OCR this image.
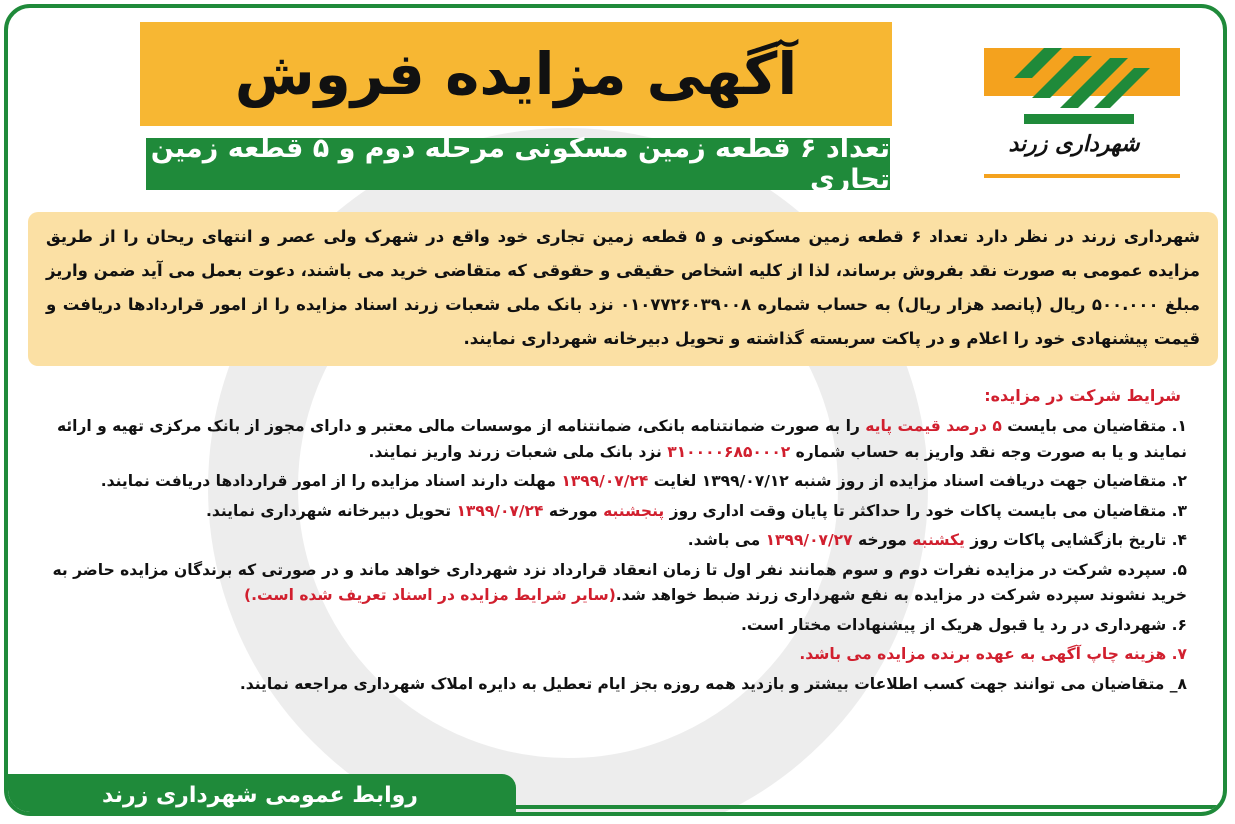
آگهی مزایده فروش
تعداد ۶ قطعه زمین مسکونی مرحله دوم و ۵ قطعه زمین تجاری
شهرداری زرند
شهرداری زرند در نظر دارد تعداد ۶ قطعه زمین مسکونی و ۵ قطعه زمین تجاری خود واقع در شهرک ولی عصر و انتهای ریحان را از طریق مزایده عمومی به صورت نقد بفروش برساند، لذا از کلیه اشخاص حقیقی و حقوقی که متقاضی خرید می باشند، دعوت بعمل می آید ضمن واریز مبلغ ۵۰۰.۰۰۰ ریال (پانصد هزار ریال) به حساب شماره ۰۱۰۷۷۲۶۰۳۹۰۰۸ نزد بانک ملی شعبات زرند اسناد مزایده را از امور قراردادها دریافت و قیمت پیشنهادی خود را اعلام و در پاکت سربسته گذاشته و تحویل دبیرخانه شهرداری نمایند.
شرایط شرکت در مزایده:
۱. متقاضیان می بایست ۵ درصد قیمت پایه را به صورت ضمانتنامه بانکی، ضمانتنامه از موسسات مالی معتبر و دارای مجوز از بانک مرکزی تهیه و ارائه نمایند و یا به صورت وجه نقد واریز به حساب شماره ۳۱۰۰۰۰۶۸۵۰۰۰۲ نزد بانک ملی شعبات زرند واریز نمایند.
۲. متقاضیان جهت دریافت اسناد مزایده از روز شنبه ۱۳۹۹/۰۷/۱۲ لغایت ۱۳۹۹/۰۷/۲۴ مهلت دارند اسناد مزایده را از امور قراردادها دریافت نمایند.
۳. متقاضیان می بایست پاکات خود را حداکثر تا پایان وقت اداری روز پنجشنبه مورخه ۱۳۹۹/۰۷/۲۴ تحویل دبیرخانه شهرداری نمایند.
۴. تاریخ بازگشایی پاکات روز یکشنبه مورخه ۱۳۹۹/۰۷/۲۷ می باشد.
۵. سپرده شرکت در مزایده نفرات دوم و سوم همانند نفر اول تا زمان انعقاد قرارداد نزد شهرداری خواهد ماند و در صورتی که برندگان مزایده حاضر به خرید نشوند سپرده شرکت در مزایده به نفع شهرداری زرند ضبط خواهد شد.(سایر شرایط مزایده در اسناد تعریف شده است.)
۶. شهرداری در رد یا قبول هریک از پیشنهادات مختار است.
۷. هزینه چاپ آگهی به عهده برنده مزایده می باشد.
۸_ متقاضیان می توانند جهت کسب اطلاعات بیشتر و بازدید همه روزه بجز ایام تعطیل به دایره املاک شهرداری مراجعه نمایند.
روابط عمومی شهرداری زرند
